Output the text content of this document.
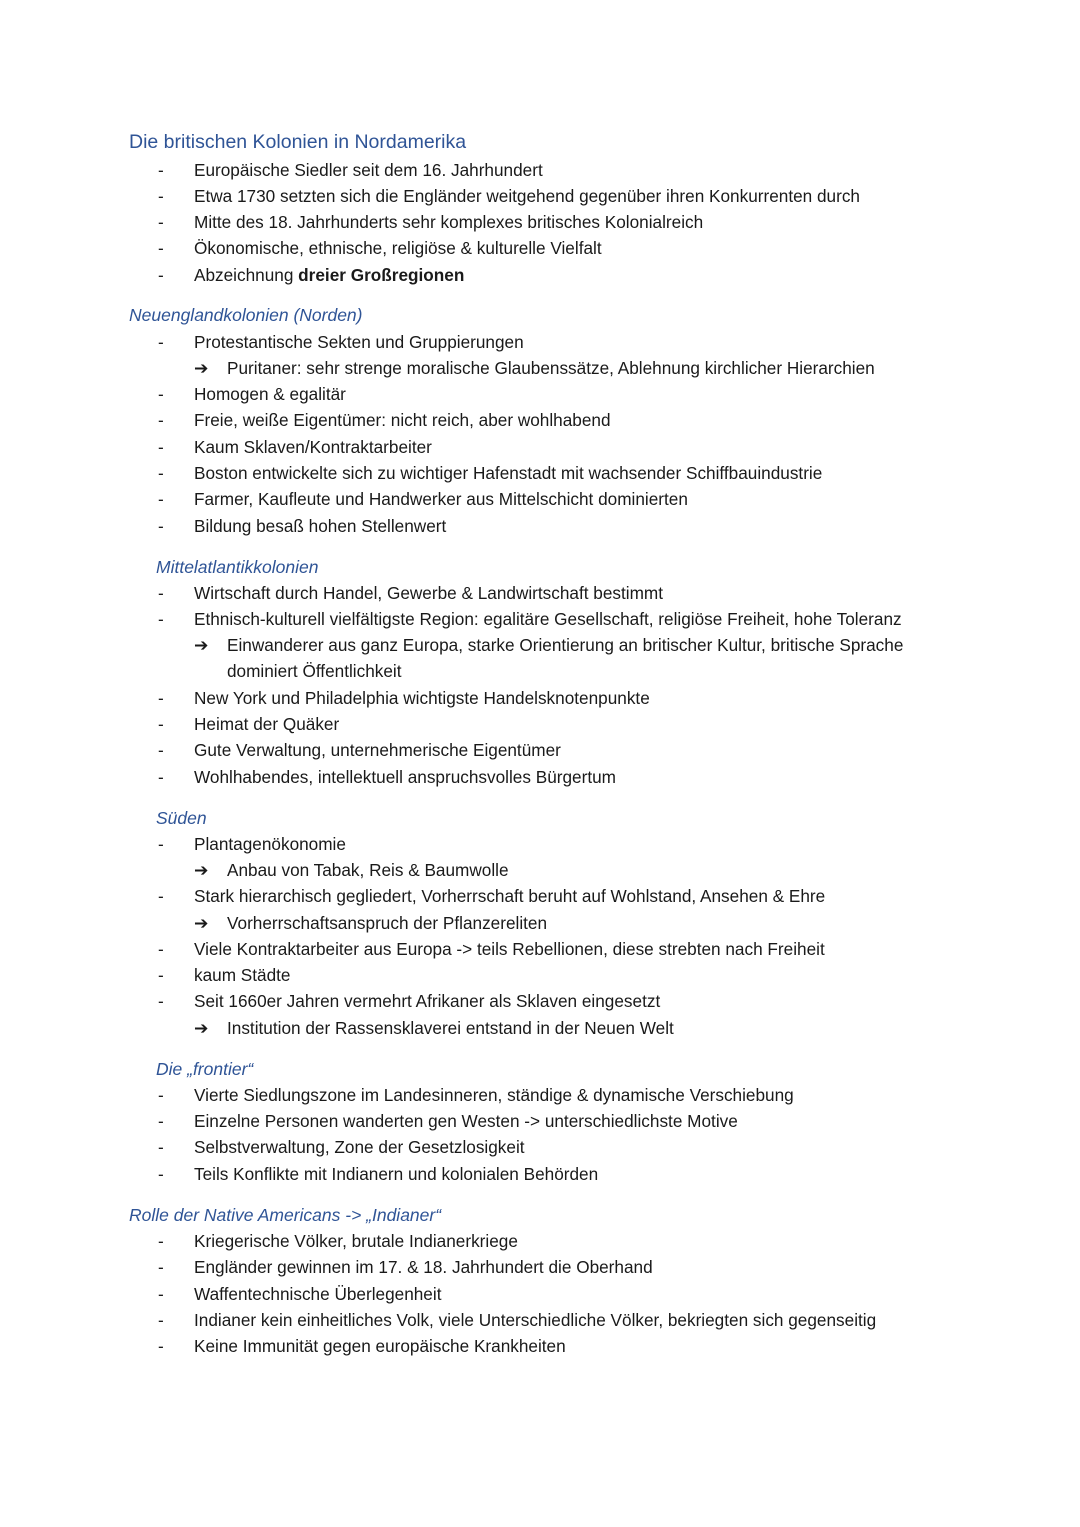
Die britischen Kolonien in Nordamerika
- Europäische Siedler seit dem 16. Jahrhundert
- Etwa 1730 setzten sich die Engländer weitgehend gegenüber ihren Konkurrenten durch
- Mitte des 18. Jahrhunderts sehr komplexes britisches Kolonialreich
- Ökonomische, ethnische, religiöse & kulturelle Vielfalt
- Abzeichnung dreier Großregionen
Neuenglandkolonien (Norden)
- Protestantische Sekten und Gruppierungen
➔ Puritaner: sehr strenge moralische Glaubenssätze, Ablehnung kirchlicher Hierarchien
- Homogen & egalitär
- Freie, weiße Eigentümer: nicht reich, aber wohlhabend
- Kaum Sklaven/Kontraktarbeiter
- Boston entwickelte sich zu wichtiger Hafenstadt mit wachsender Schiffbauindustrie
- Farmer, Kaufleute und Handwerker aus Mittelschicht dominierten
- Bildung besaß hohen Stellenwert
Mittelatlantikkolonien
- Wirtschaft durch Handel, Gewerbe & Landwirtschaft bestimmt
- Ethnisch-kulturell vielfältigste Region: egalitäre Gesellschaft, religiöse Freiheit, hohe Toleranz
➔ Einwanderer aus ganz Europa, starke Orientierung an britischer Kultur, britische Sprache
dominiert Öffentlichkeit
- New York und Philadelphia wichtigste Handelsknotenpunkte
- Heimat der Quäker
- Gute Verwaltung, unternehmerische Eigentümer
- Wohlhabendes, intellektuell anspruchsvolles Bürgertum
Süden
- Plantagenökonomie
➔ Anbau von Tabak, Reis & Baumwolle
- Stark hierarchisch gegliedert, Vorherrschaft beruht auf Wohlstand, Ansehen & Ehre
➔ Vorherrschaftsanspruch der Pflanzereliten
- Viele Kontraktarbeiter aus Europa -> teils Rebellionen, diese strebten nach Freiheit
- kaum Städte
- Seit 1660er Jahren vermehrt Afrikaner als Sklaven eingesetzt
➔ Institution der Rassensklaverei entstand in der Neuen Welt
Die „frontier“
- Vierte Siedlungszone im Landesinneren, ständige & dynamische Verschiebung
- Einzelne Personen wanderten gen Westen -> unterschiedlichste Motive
- Selbstverwaltung, Zone der Gesetzlosigkeit
- Teils Konflikte mit Indianern und kolonialen Behörden
Rolle der Native Americans -> „Indianer“
- Kriegerische Völker, brutale Indianerkriege
- Engländer gewinnen im 17. & 18. Jahrhundert die Oberhand
- Waffentechnische Überlegenheit
- Indianer kein einheitliches Volk, viele Unterschiedliche Völker, bekriegten sich gegenseitig
- Keine Immunität gegen europäische Krankheiten
